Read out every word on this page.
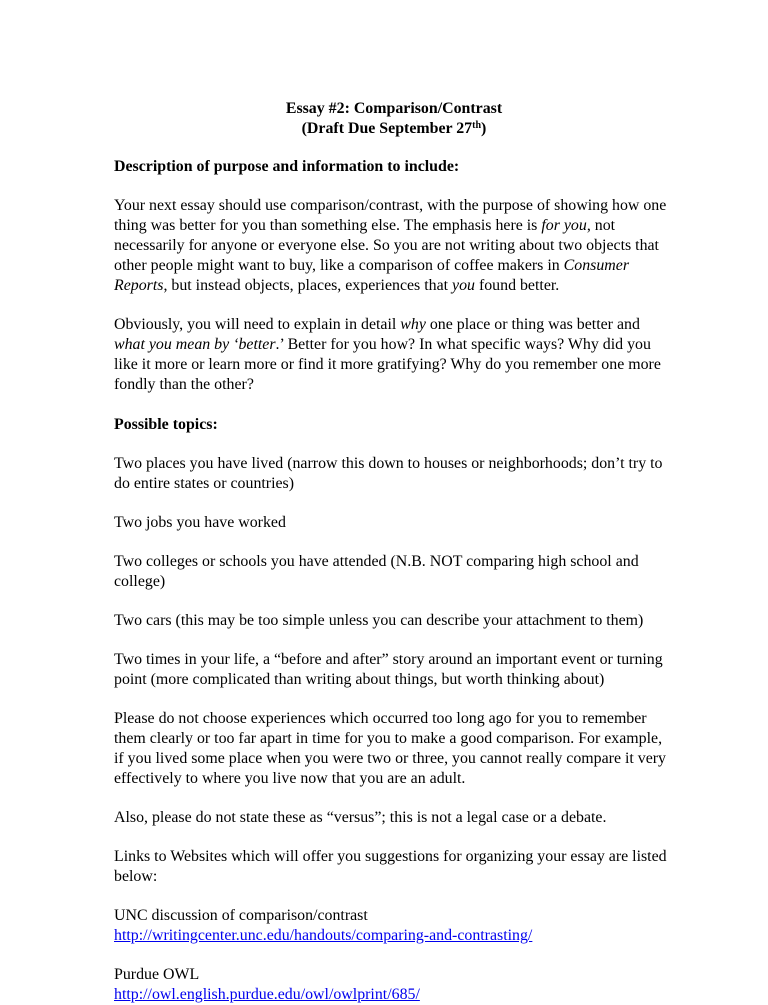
Essay #2: Comparison/Contrast
(Draft Due September 27th)

Description of purpose and information to include:

Your next essay should use comparison/contrast, with the purpose of showing how one thing was better for you than something else. The emphasis here is for you, not necessarily for anyone or everyone else. So you are not writing about two objects that other people might want to buy, like a comparison of coffee makers in Consumer Reports, but instead objects, places, experiences that you found better.

Obviously, you will need to explain in detail why one place or thing was better and what you mean by ‘better.’ Better for you how? In what specific ways? Why did you like it more or learn more or find it more gratifying? Why do you remember one more fondly than the other?

Possible topics:

Two places you have lived (narrow this down to houses or neighborhoods; don’t try to do entire states or countries)

Two jobs you have worked

Two colleges or schools you have attended (N.B. NOT comparing high school and college)

Two cars (this may be too simple unless you can describe your attachment to them)

Two times in your life, a “before and after” story around an important event or turning point (more complicated than writing about things, but worth thinking about)

Please do not choose experiences which occurred too long ago for you to remember them clearly or too far apart in time for you to make a good comparison. For example, if you lived some place when you were two or three, you cannot really compare it very effectively to where you live now that you are an adult.

Also, please do not state these as “versus”; this is not a legal case or a debate.

Links to Websites which will offer you suggestions for organizing your essay are listed below:

UNC discussion of comparison/contrast
http://writingcenter.unc.edu/handouts/comparing-and-contrasting/

Purdue OWL
http://owl.english.purdue.edu/owl/owlprint/685/
